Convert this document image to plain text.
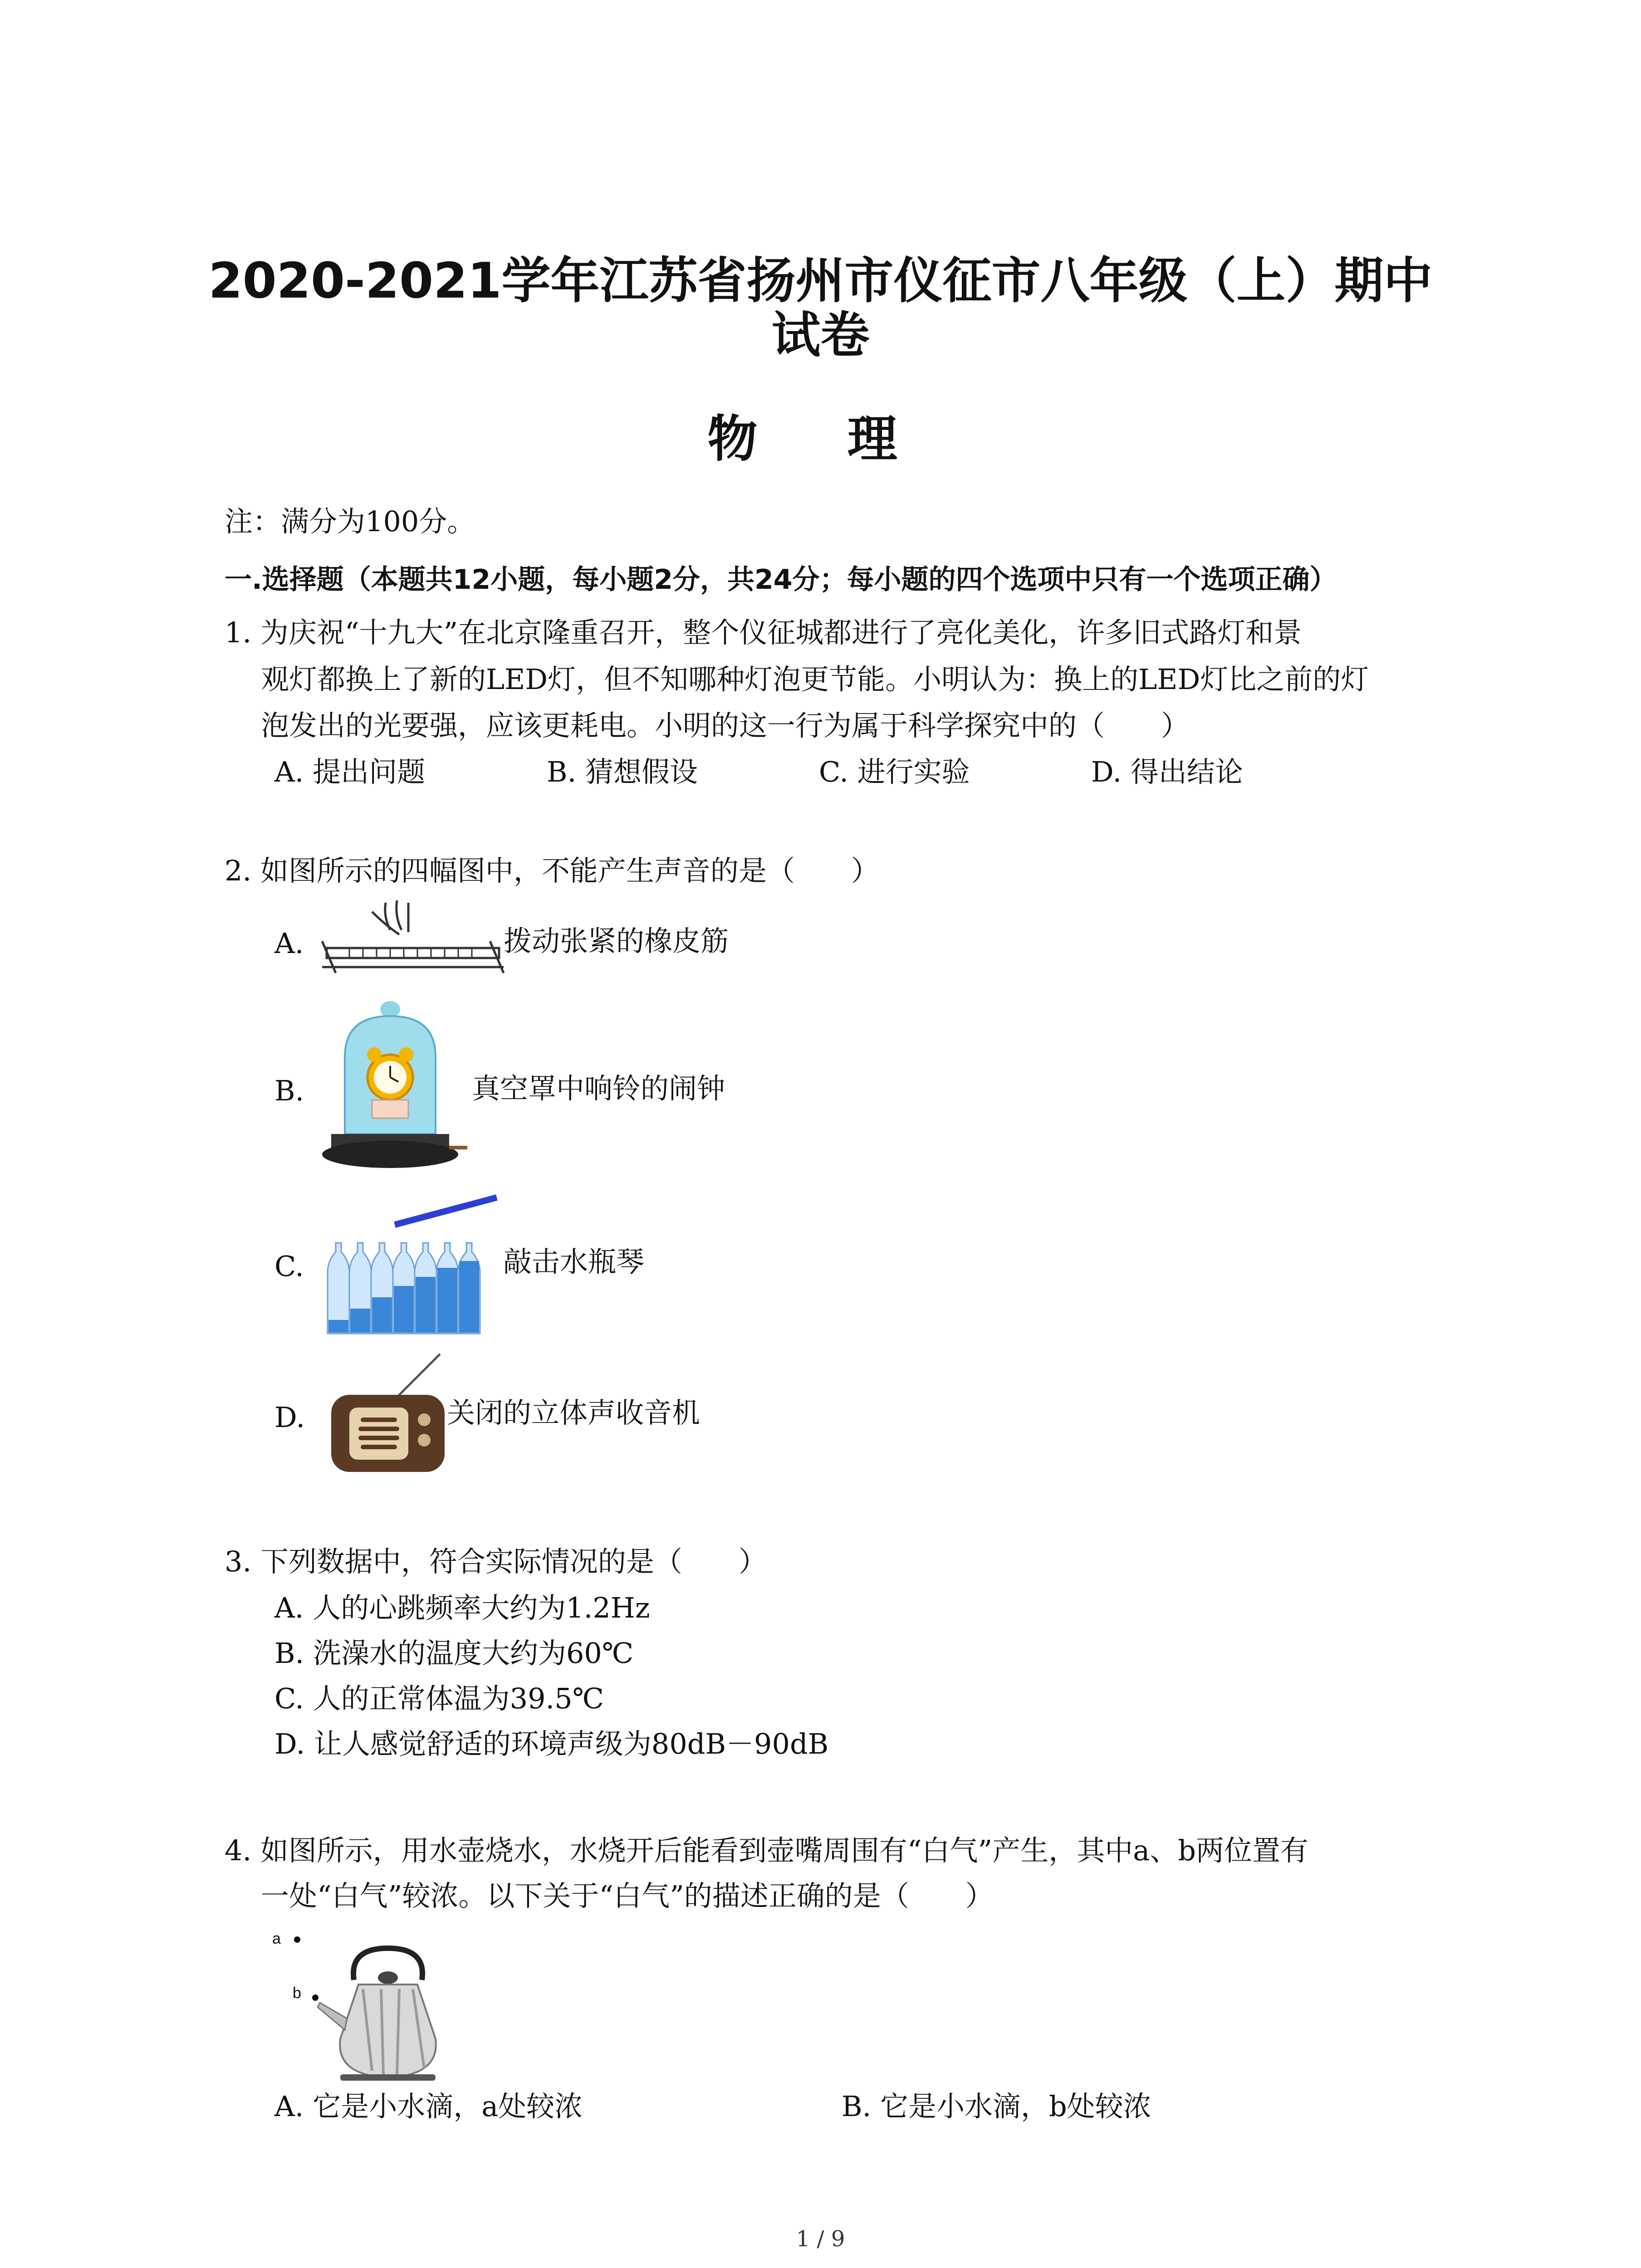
2020-2021学年江苏省扬州市仪征市八年级（上）期中
试卷
物 理
注：满分为100分。
一.选择题（本题共12小题，每小题2分，共24分；每小题的四个选项中只有一个选项正确）
1. 为庆祝“十九大”在北京隆重召开，整个仪征城都进行了亮化美化，许多旧式路灯和景
观灯都换上了新的LED灯，但不知哪种灯泡更节能。小明认为：换上的LED灯比之前的灯
泡发出的光要强，应该更耗电。小明的这一行为属于科学探究中的（　　）
A. 提出问题	B. 猜想假设	C. 进行实验	D. 得出结论
2. 如图所示的四幅图中，不能产生声音的是（　　）
A.	拨动张紧的橡皮筋
B.	真空罩中响铃的闹钟
C.	敲击水瓶琴
D.	关闭的立体声收音机
3. 下列数据中，符合实际情况的是（　　）
A. 人的心跳频率大约为1.2Hz
B. 洗澡水的温度大约为60℃
C. 人的正常体温为39.5℃
D. 让人感觉舒适的环境声级为80dB－90dB
4. 如图所示，用水壶烧水，水烧开后能看到壶嘴周围有“白气”产生，其中a、b两位置有
一处“白气”较浓。以下关于“白气”的描述正确的是（　　）
a
b
A. 它是小水滴，a处较浓	B. 它是小水滴，b处较浓
1 / 9
